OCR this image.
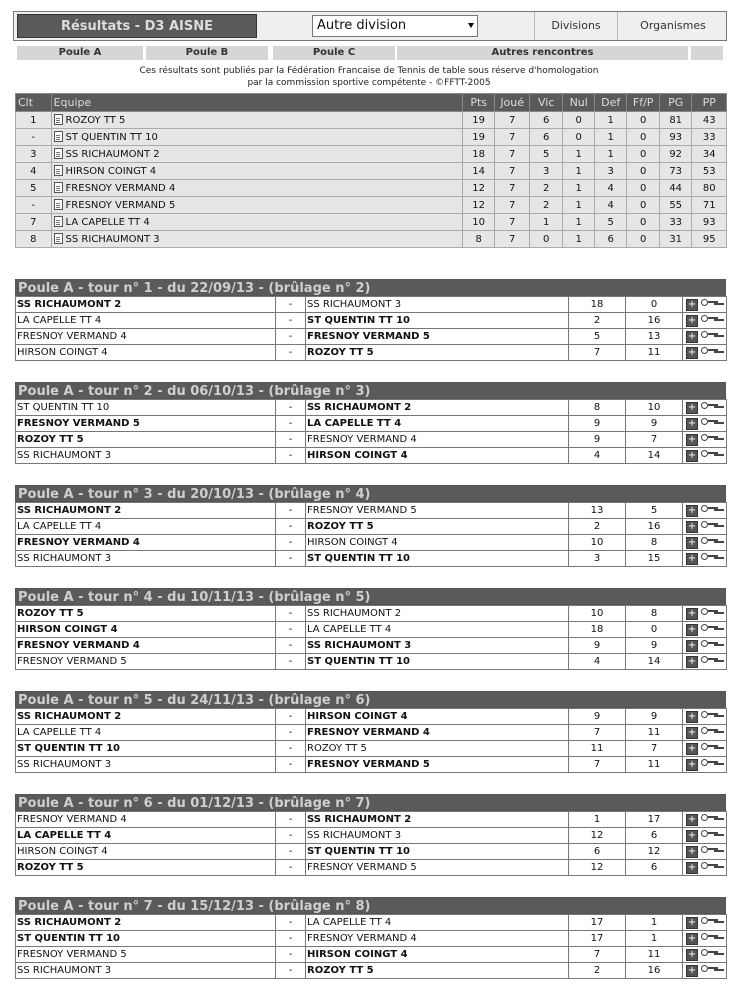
Résultats - D3 AISNE	Autre division	Divisions	Organismes
Poule A	Poule B	Poule C	Autres rencontres
Ces résultats sont publiés par la Fédération Francaise de Tennis de table sous réserve d'homologation
par la commission sportive compétente - ©FFTT-2005
Clt	Equipe	Pts	Joué	Vic	Nul	Def	Ff/P	PG	PP
1	ROZOY TT 5	19	7	6	0	1	0	81	43
-	ST QUENTIN TT 10	19	7	6	0	1	0	93	33
3	SS RICHAUMONT 2	18	7	5	1	1	0	92	34
4	HIRSON COINGT 4	14	7	3	1	3	0	73	53
5	FRESNOY VERMAND 4	12	7	2	1	4	0	44	80
-	FRESNOY VERMAND 5	12	7	2	1	4	0	55	71
7	LA CAPELLE TT 4	10	7	1	1	5	0	33	93
8	SS RICHAUMONT 3	8	7	0	1	6	0	31	95
Poule A - tour n° 1 - du 22/09/13 - (brûlage n° 2)
SS RICHAUMONT 2	-	SS RICHAUMONT 3	18	0	+
LA CAPELLE TT 4	-	ST QUENTIN TT 10	2	16	+
FRESNOY VERMAND 4	-	FRESNOY VERMAND 5	5	13	+
HIRSON COINGT 4	-	ROZOY TT 5	7	11	+
Poule A - tour n° 2 - du 06/10/13 - (brûlage n° 3)
ST QUENTIN TT 10	-	SS RICHAUMONT 2	8	10	+
FRESNOY VERMAND 5	-	LA CAPELLE TT 4	9	9	+
ROZOY TT 5	-	FRESNOY VERMAND 4	9	7	+
SS RICHAUMONT 3	-	HIRSON COINGT 4	4	14	+
Poule A - tour n° 3 - du 20/10/13 - (brûlage n° 4)
SS RICHAUMONT 2	-	FRESNOY VERMAND 5	13	5	+
LA CAPELLE TT 4	-	ROZOY TT 5	2	16	+
FRESNOY VERMAND 4	-	HIRSON COINGT 4	10	8	+
SS RICHAUMONT 3	-	ST QUENTIN TT 10	3	15	+
Poule A - tour n° 4 - du 10/11/13 - (brûlage n° 5)
ROZOY TT 5	-	SS RICHAUMONT 2	10	8	+
HIRSON COINGT 4	-	LA CAPELLE TT 4	18	0	+
FRESNOY VERMAND 4	-	SS RICHAUMONT 3	9	9	+
FRESNOY VERMAND 5	-	ST QUENTIN TT 10	4	14	+
Poule A - tour n° 5 - du 24/11/13 - (brûlage n° 6)
SS RICHAUMONT 2	-	HIRSON COINGT 4	9	9	+
LA CAPELLE TT 4	-	FRESNOY VERMAND 4	7	11	+
ST QUENTIN TT 10	-	ROZOY TT 5	11	7	+
SS RICHAUMONT 3	-	FRESNOY VERMAND 5	7	11	+
Poule A - tour n° 6 - du 01/12/13 - (brûlage n° 7)
FRESNOY VERMAND 4	-	SS RICHAUMONT 2	1	17	+
LA CAPELLE TT 4	-	SS RICHAUMONT 3	12	6	+
HIRSON COINGT 4	-	ST QUENTIN TT 10	6	12	+
ROZOY TT 5	-	FRESNOY VERMAND 5	12	6	+
Poule A - tour n° 7 - du 15/12/13 - (brûlage n° 8)
SS RICHAUMONT 2	-	LA CAPELLE TT 4	17	1	+
ST QUENTIN TT 10	-	FRESNOY VERMAND 4	17	1	+
FRESNOY VERMAND 5	-	HIRSON COINGT 4	7	11	+
SS RICHAUMONT 3	-	ROZOY TT 5	2	16	+
